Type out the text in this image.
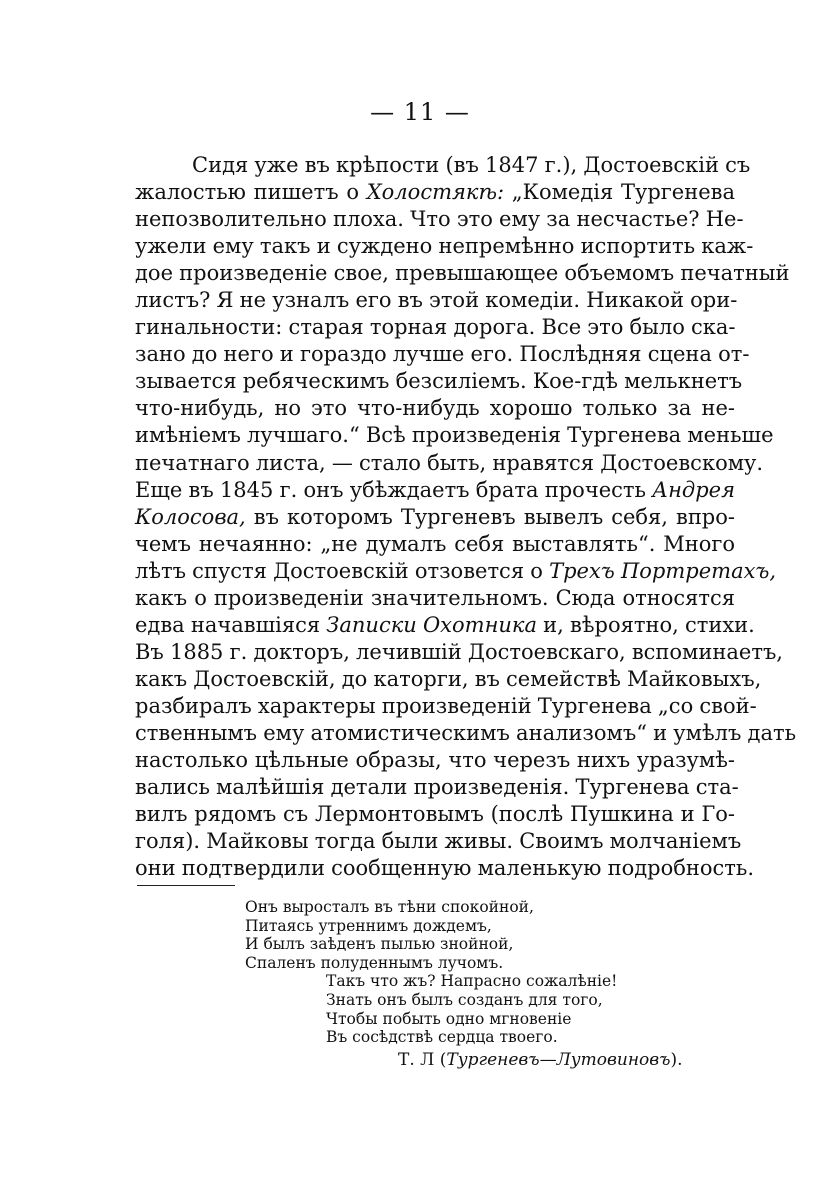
— 11 —
Сидя уже въ крѣпости (въ 1847 г.), Достоевскій съ
жалостью пишетъ о Холостякѣ: „Комедія Тургенева
непозволительно плоха. Что это ему за несчастье? Не-
ужели ему такъ и суждено непремѣнно испортить каж-
дое произведеніе свое, превышающее объемомъ печатный
листъ? Я не узналъ его въ этой комедіи. Никакой ори-
гинальности: старая торная дорога. Все это было ска-
зано до него и гораздо лучше его. Послѣдняя сцена от-
зывается ребяческимъ безсиліемъ. Кое-гдѣ мелькнетъ
что-нибудь, но это что-нибудь хорошо только за не-
имѣніемъ лучшаго.“ Всѣ произведенія Тургенева меньше
печатнаго листа, — стало быть, нравятся Достоевскому.
Еще въ 1845 г. онъ убѣждаетъ брата прочесть Андрея
Колосова, въ которомъ Тургеневъ вывелъ себя, впро-
чемъ нечаянно: „не думалъ себя выставлять“. Много
лѣтъ спустя Достоевскій отзовется о Трехъ Портретахъ,
какъ о произведеніи значительномъ. Сюда относятся
едва начавшіяся Записки Охотника и, вѣроятно, стихи.
Въ 1885 г. докторъ, лечившій Достоевскаго, вспоминаетъ,
какъ Достоевскій, до каторги, въ семействѣ Майковыхъ,
разбиралъ характеры произведеній Тургенева „со свой-
ственнымъ ему атомистическимъ анализомъ“ и умѣлъ дать
настолько цѣльные образы, что черезъ нихъ уразумѣ-
вались малѣйшія детали произведенія. Тургенева ста-
вилъ рядомъ съ Лермонтовымъ (послѣ Пушкина и Го-
голя). Майковы тогда были живы. Своимъ молчаніемъ
они подтвердили сообщенную маленькую подробность.
Онъ выросталъ въ тѣни спокойной,
Питаясь утреннимъ дождемъ,
И былъ заѣденъ пылью знойной,
Спаленъ полуденнымъ лучомъ.
Такъ что жъ? Напрасно сожалѣнiе!
Знать онъ былъ созданъ для того,
Чтобы побыть одно мгновеніе
Въ сосѣдствѣ сердца твоего.
Т. Л (Тургеневъ—Лутовиновъ).
